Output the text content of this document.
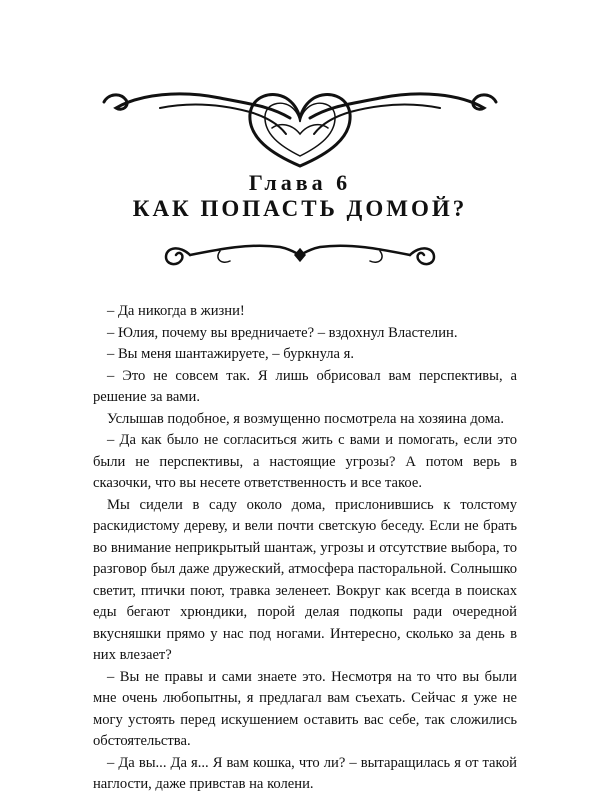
Глава 6
КАК ПОПАСТЬ ДОМОЙ?

– Да никогда в жизни!

– Юлия, почему вы вредничаете? – вздохнул Властелин.

– Вы меня шантажируете, – буркнула я.

– Это не совсем так. Я лишь обрисовал вам перспективы, а решение за вами.

Услышав подобное, я возмущенно посмотрела на хозяина дома.

– Да как было не согласиться жить с вами и помогать, если это были не перспективы, а настоящие угрозы? А потом верь в сказочки, что вы несете ответственность и все такое.

Мы сидели в саду около дома, прислонившись к толстому раскидистому дереву, и вели почти светскую беседу. Если не брать во внимание неприкрытый шантаж, угрозы и отсутствие выбора, то разговор был даже дружеский, атмосфера пасторальной. Солнышко светит, птички поют, травка зеленеет. Вокруг как всегда в поисках еды бегают хрюндики, порой делая подкопы ради очередной вкусняшки прямо у нас под ногами. Интересно, сколько за день в них влезает?

– Вы не правы и сами знаете это. Несмотря на то что вы были мне очень любопытны, я предлагал вам съехать. Сейчас я уже не могу устоять перед искушением оставить вас себе, так сложились обстоятельства.

– Да вы... Да я... Я вам кошка, что ли? – вытаращилась я от такой наглости, даже привстав на колени.
